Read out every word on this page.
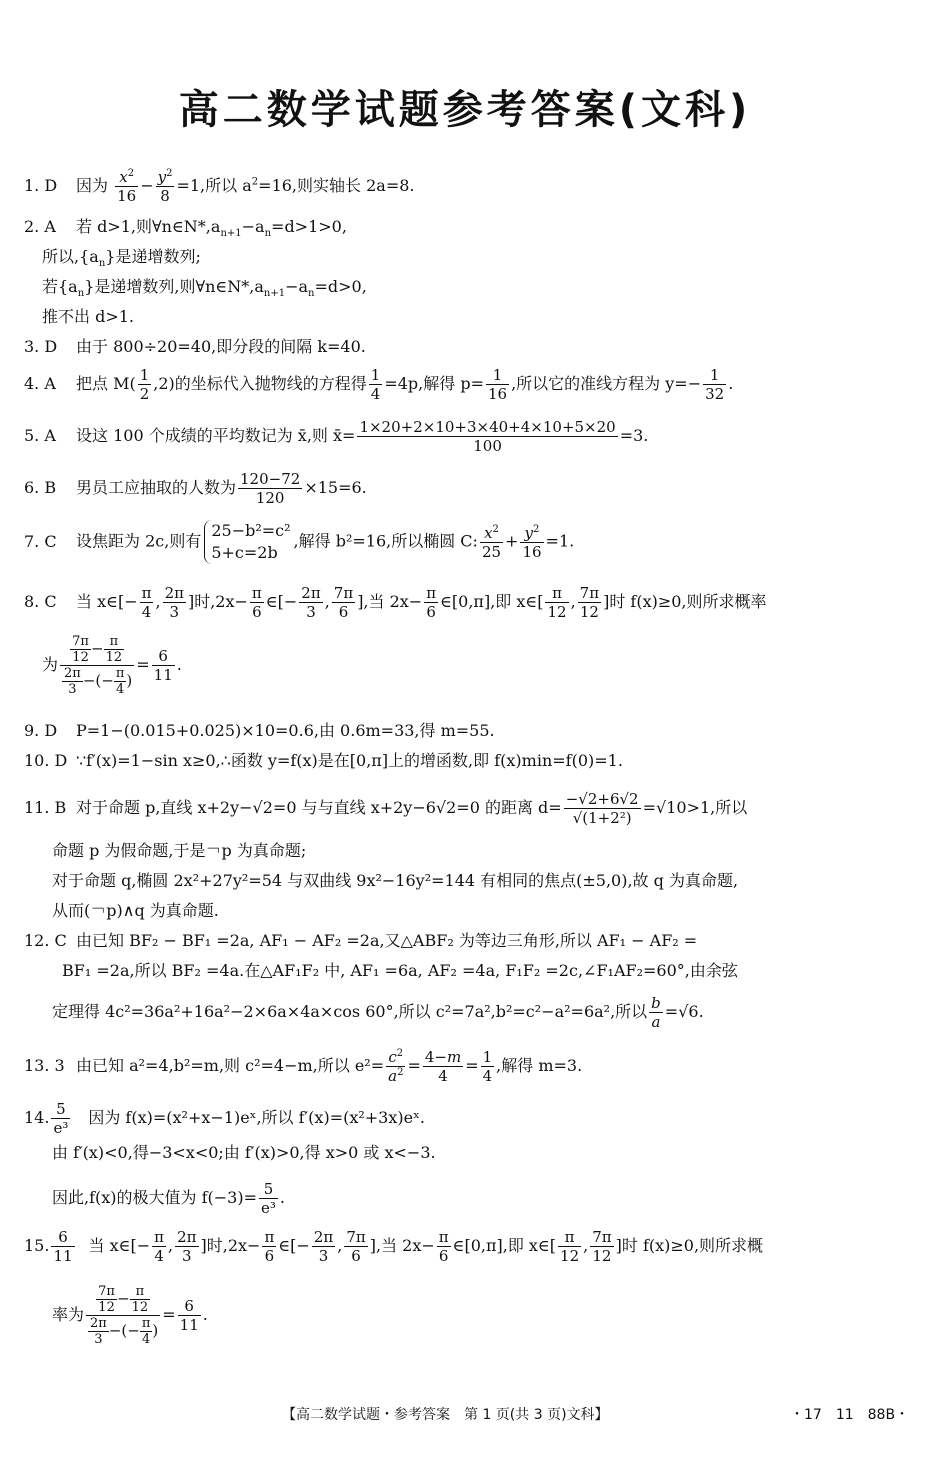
高二数学试题参考答案(文科)
1. D 因为 $\frac{x^2}{16} - \frac{y^2}{8} =1$,所以 $a^2=16$,则实轴长 2a=8.
2. A 若 d>1,则$\forall n\in N*,a_{n+1}-a_n=d>1>0$,
所以$,\{a_n\}$是递增数列;
若$\{a_n\}$是递增数列,则$\forall n\in N*,a_{n+1}-a_n=d>0$,
推不出 d>1.
3. D 由于 800÷20=40,即分段的间隔 k=40.
4. A 把点 $M( \frac{1}{2} ,2)$的坐标代入抛物线的方程得 $\frac{1}{4} =4p$,解得 $p= \frac{1}{16}$ ,所以它的准线方程为 $y=- \frac{1}{32}$ .
5. A 设这 100 个成绩的平均数记为 x̄,则 x̄= $\frac{1\times 20+2\times 10+3\times 40+4\times 10+5\times 20}{100} =3$.
6. B 男员工应抽取的人数为 $\frac{120-72}{120} \times 15=6$.
7. C 设焦距为 2c,则有
25−b²=c²
5+c=2b
,解得 b²=16,所以椭圆 C: $\frac{x^2}{25} + \frac{y^2}{16} =1$.
8. C 当 x∈[− $\frac{\pi}{4}$ , $\frac{2\pi}{3}$ ]时$,2x- \frac{\pi}{6}$ ∈[− $\frac{2\pi}{3}$ , $\frac{7\pi}{6}$ ],当 $2x- \frac{\pi}{6}$ ∈[0,π],即 x∈[ $\frac{\pi}{12}$ , $\frac{7\pi}{12}$ ]时 f(x)≥0,则所求概率
为 $\frac{\frac{7\pi}{12} - \frac{\pi}{12}}{\frac{2\pi}{3} -(- \frac{\pi}{4} )} = \frac{6}{11}$ .
9. D P=1−(0.015+0.025)×10=0.6,由 0.6m=33,得 m=55.
10. D ∵f′(x)=1−sin x≥0,∴函数 y=f(x)是在[0,π]上的增函数,即 f(x)min=f(0)=1.
11. B 对于命题 p,直线 x+2y−√2=0 与与直线 x+2y−6√2=0 的距离 $d= \frac{-√2+6√2}{\text{√(1+2²)}} =√10>1$,所以
命题 p 为假命题,于是￢p 为真命题;
对于命题 q,椭圆 2x²+27y²=54 与双曲线 9x²−16y²=144 有相同的焦点(±5,0),故 q 为真命题,
从而(￢p)∧q 为真命题.
12. C 由已知 BF₂ − BF₁ =2a, AF₁ − AF₂ =2a,又△ABF₂ 为等边三角形,所以 AF₁ − AF₂ =
BF₁ =2a,所以 BF₂ =4a.在△AF₁F₂ 中, AF₁ =6a, AF₂ =4a, F₁F₂ =2c,∠F₁AF₂=60°,由余弦
定理得 4c²=36a²+16a²−2×6a×4a×cos 60°,所以 c²=7a²,b²=c²−a²=6a²,所以 $\frac{b}{a} =√6$.
13. 3 由已知 a²=4,b²=m,则 c²=4−m,所以 $e^2= \frac{c^2}{a^2} = \frac{4-m}{4} = \frac{1}{4}$ ,解得 m=3.
14. $\frac{5}{\text{e³}}$ 因为 f(x)=(x²+x−1)eˣ,所以 f′(x)=(x²+3x)eˣ.
由 f′(x)<0,得−3<x<0;由 f′(x)>0,得 x>0 或 x<−3.
因此,f(x)的极大值为 $f(-3)= \frac{5}{\text{e³}}$ .
15. $\frac{6}{11}$ 当 x∈[− $\frac{\pi}{4}$ , $\frac{2\pi}{3}$ ]时$,2x- \frac{\pi}{6}$ ∈[− $\frac{2\pi}{3}$ , $\frac{7\pi}{6}$ ],当 $2x- \frac{\pi}{6}$ ∈[0,π],即 x∈[ $\frac{\pi}{12}$ , $\frac{7\pi}{12}$ ]时 f(x)≥0,则所求概
率为 $\frac{\frac{7\pi}{12} - \frac{\pi}{12}}{\frac{2\pi}{3} -(- \frac{\pi}{4} )} = \frac{6}{11}$ .
【高二数学试题・参考答案　第 1 页(共 3 页)文科】	・17　11　88B・
